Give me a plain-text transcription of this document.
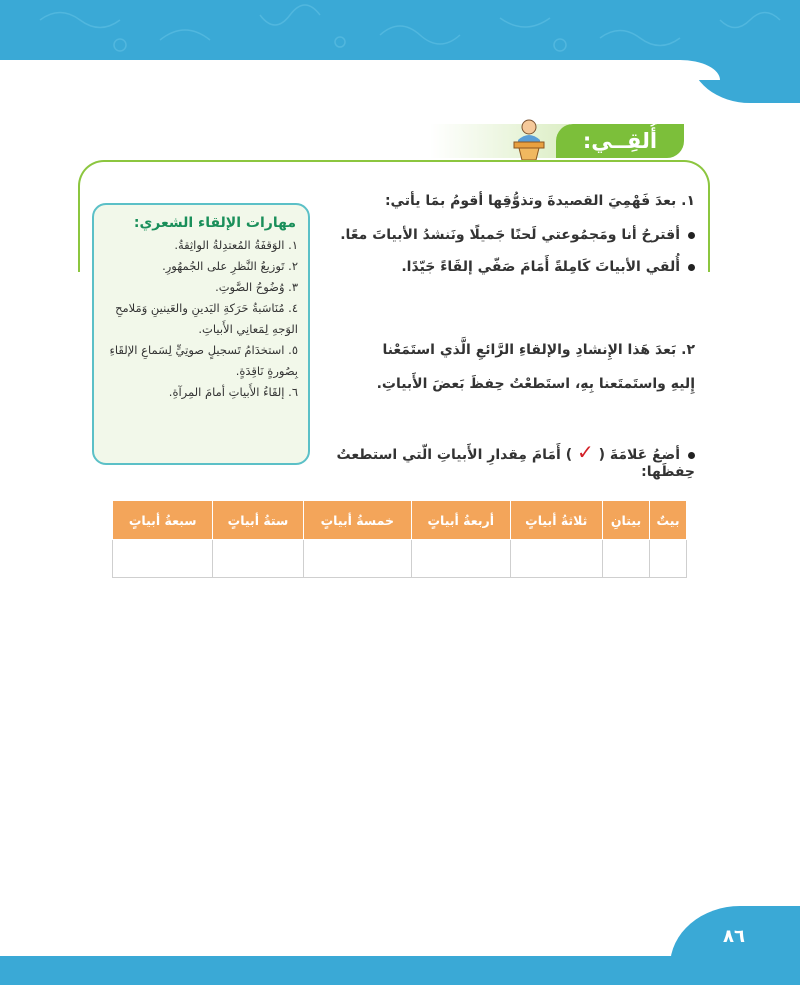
أُلقِــي:
مهارات الإلقاء الشعري:
١. الوَقفَةُ المُعتدِلةُ الواثِقةُ.
٢. تَوزيعُ النَّظرِ على الجُمهُورِ.
٣. وُضُوحُ الصَّوتِ.
٤. مُنَاسَبةُ حَرَكةِ اليَدينِ والعَينينِ وَمَلامحِ الوَجهِ لِمَعانِي الأَبياتِ.
٥. استخدَامُ تَسجيلٍ صوتِيٍّ لِسَماعِ الإلقَاءِ بِصُورةٍ نَاقِدَةٍ.
٦. إلقَاءُ الأَبياتِ أمامَ المِرآةِ.
١. بعدَ فَهْمِيَ القصيدةَ وتذوُّقِها أقومُ بمَا يأتي:
أقترحُ أنا ومَجمُوعتي لَحنًا جَميلًا ونَنشدُ الأبياتَ معًا.
أُلقي الأبياتَ كَامِلةً أَمَامَ صَفّي إلقَاءً جَيّدًا.
٢. بَعدَ هَذا الإِنشادِ والإلقاءِ الرَّائعِ الَّذي استَمَعْنا
إِليهِ واستَمتَعنا بِهِ، استَطعْتُ حِفظَ بَعضَ الأَبياتِ.
أضعُ عَلامَةَ ( ✓ ) أَمَامَ مِقدارِ الأَبياتِ الّتي استطعتُ حِفظَها:
بيتٌ	بيتانِ	ثلاثةُ أبياتٍ	أربعةُ أبياتٍ	خمسةُ أبياتٍ	ستةُ أبياتٍ	سبعةُ أبياتٍ

٨٦
